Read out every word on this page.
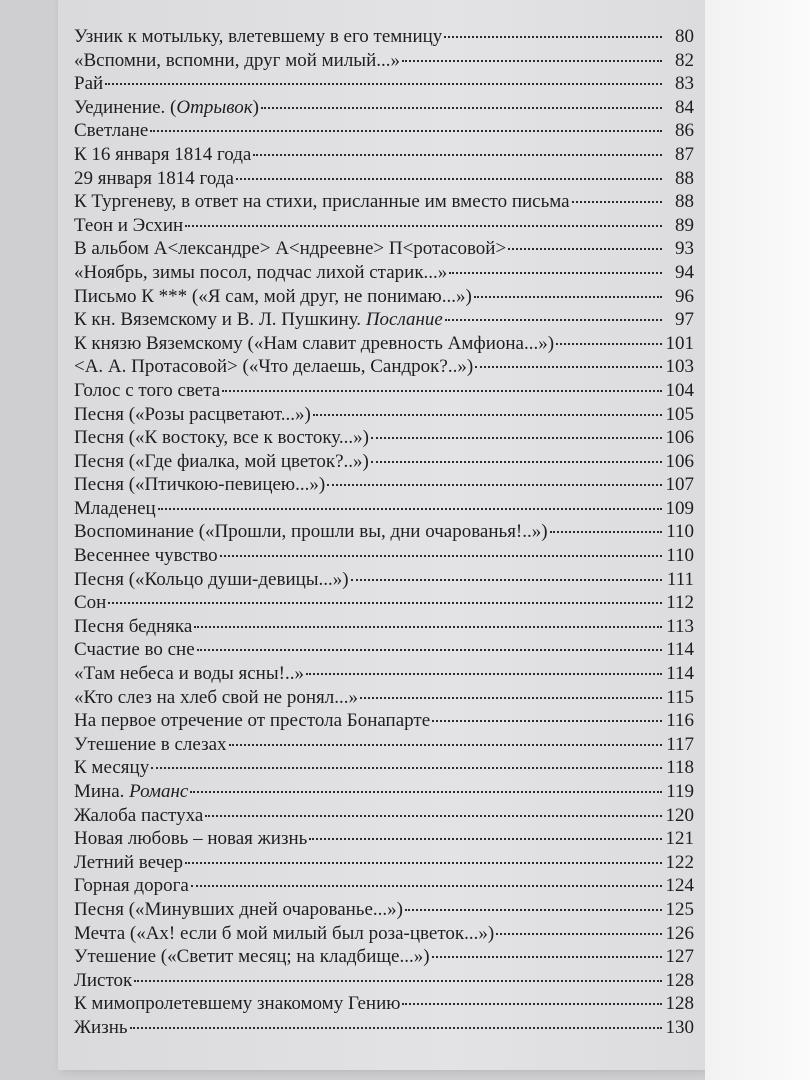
Узник к мотыльку, влетевшему в его темницу	80
«Вспомни, вспомни, друг мой милый...»	82
Рай	83
Уединение. (Отрывок)	84
Светлане	86
К 16 января 1814 года	87
29 января 1814 года	88
К Тургеневу, в ответ на стихи, присланные им вместо письма	88
Теон и Эсхин	89
В альбом А<лександре> А<ндреевне> П<ротасовой>	93
«Ноябрь, зимы посол, подчас лихой старик...»	94
Письмо К *** («Я сам, мой друг, не понимаю...»)	96
К кн. Вяземскому и В. Л. Пушкину. Послание	97
К князю Вяземскому («Нам славит древность Амфиона...»)	101
<А. А. Протасовой> («Что делаешь, Сандрок?..»)	103
Голос с того света	104
Песня («Розы расцветают...»)	105
Песня («К востоку, все к востоку...»)	106
Песня («Где фиалка, мой цветок?..»)	106
Песня («Птичкою-певицею...»)	107
Младенец	109
Воспоминание («Прошли, прошли вы, дни очарованья!..»)	110
Весеннее чувство	110
Песня («Кольцо души-девицы...»)	111
Сон	112
Песня бедняка	113
Счастие во сне	114
«Там небеса и воды ясны!..»	114
«Кто слез на хлеб свой не ронял...»	115
На первое отречение от престола Бонапарте	116
Утешение в слезах	117
К месяцу	118
Мина. Романс	119
Жалоба пастуха	120
Новая любовь – новая жизнь	121
Летний вечер	122
Горная дорога	124
Песня («Минувших дней очарованье...»)	125
Мечта («Ах! если б мой милый был роза-цветок...»)	126
Утешение («Светит месяц; на кладбище...»)	127
Листок	128
К мимопролетевшему знакомому Гению	128
Жизнь	130
